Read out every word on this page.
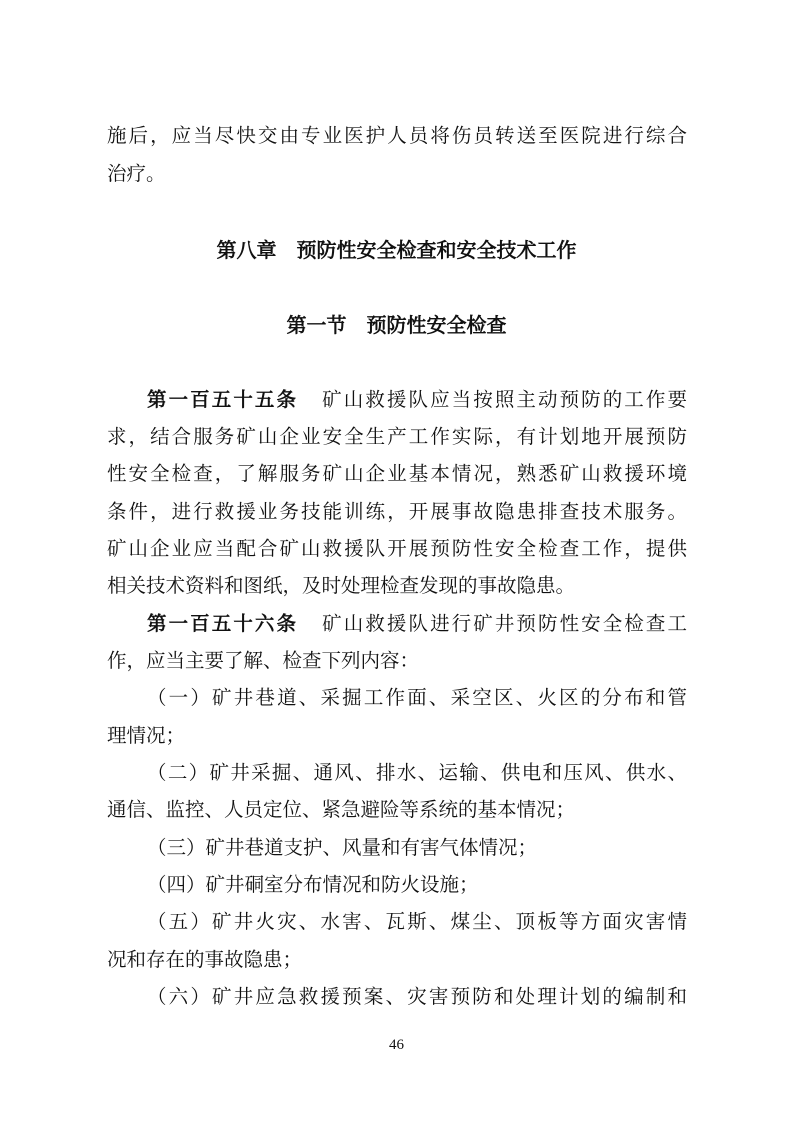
施后，应当尽快交由专业医护人员将伤员转送至医院进行综合
治疗。
第八章　预防性安全检查和安全技术工作
第一节　预防性安全检查
第一百五十五条 矿山救援队应当按照主动预防的工作要
求，结合服务矿山企业安全生产工作实际，有计划地开展预防
性安全检查，了解服务矿山企业基本情况，熟悉矿山救援环境
条件，进行救援业务技能训练，开展事故隐患排查技术服务。
矿山企业应当配合矿山救援队开展预防性安全检查工作，提供
相关技术资料和图纸，及时处理检查发现的事故隐患。
第一百五十六条 矿山救援队进行矿井预防性安全检查工
作，应当主要了解、检查下列内容：
（一）矿井巷道、采掘工作面、采空区、火区的分布和管
理情况；
（二）矿井采掘、通风、排水、运输、供电和压风、供水、
通信、监控、人员定位、紧急避险等系统的基本情况；
（三）矿井巷道支护、风量和有害气体情况；
（四）矿井硐室分布情况和防火设施；
（五）矿井火灾、水害、瓦斯、煤尘、顶板等方面灾害情
况和存在的事故隐患；
（六）矿井应急救援预案、灾害预防和处理计划的编制和
46
